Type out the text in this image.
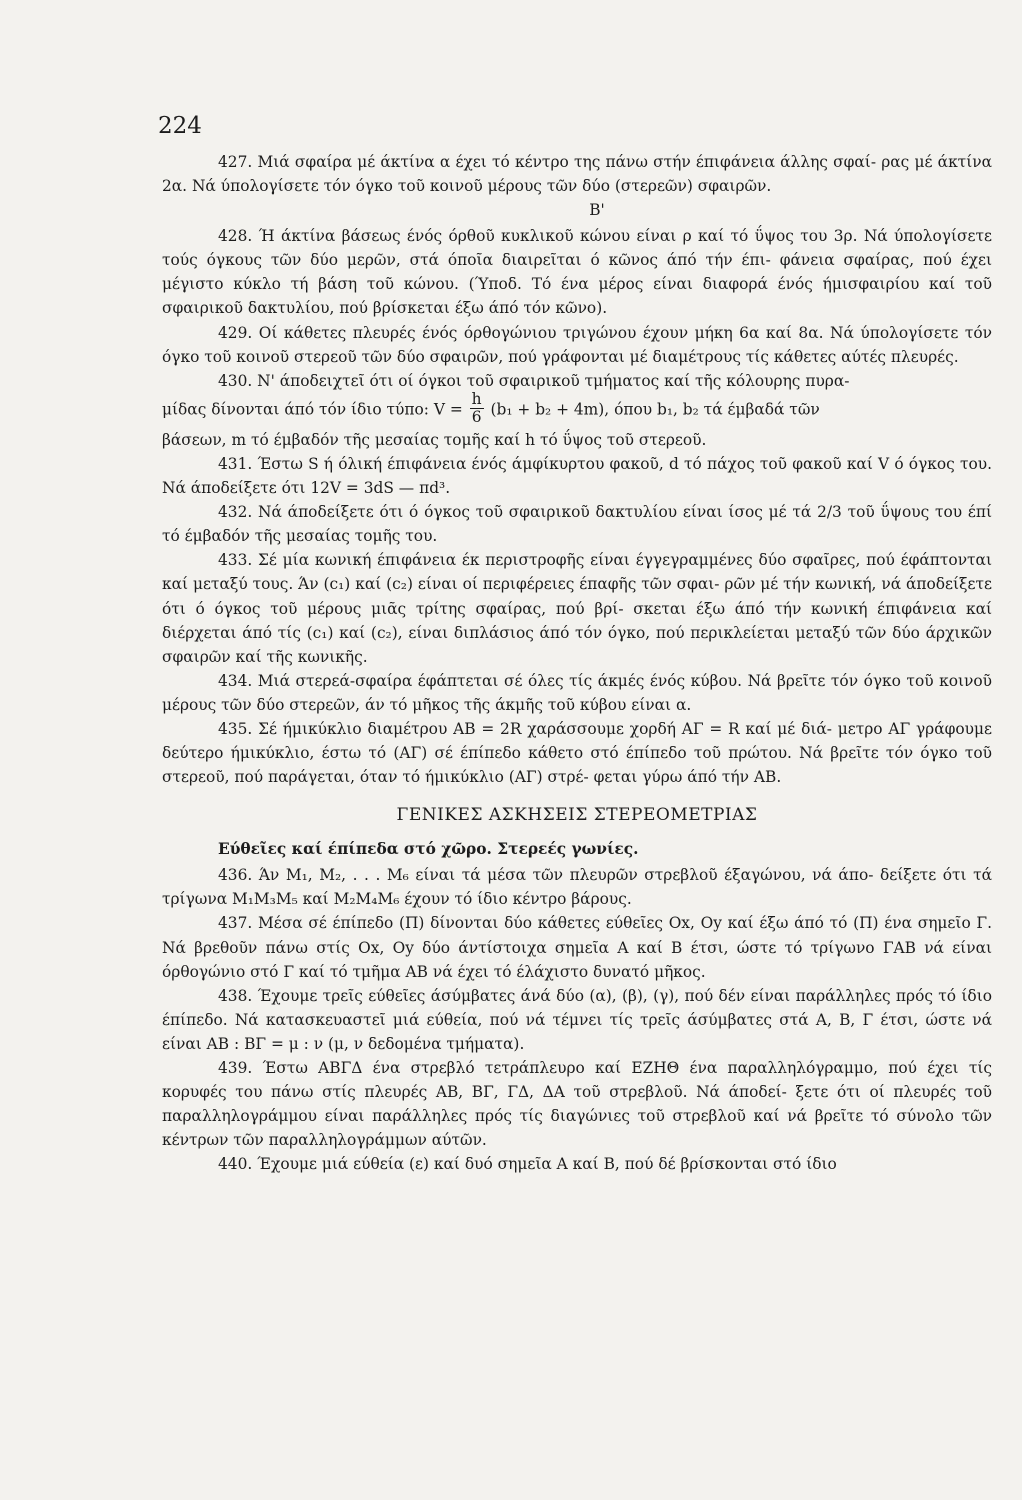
224

427. Μιά σφαίρα μέ άκτίνα α έχει τό κέντρο της πάνω στήν έπιφάνεια άλλης σφαί- ρας μέ άκτίνα 2α. Νά ύπολογίσετε τόν όγκο τοῦ κοινοῦ μέρους τῶν δύο (στερεῶν) σφαιρῶν.

B'

428. Ή άκτίνα βάσεως ένός όρθοῦ κυκλικοῦ κώνου είναι ρ καί τό ΰψος του 3ρ. Νά ύπολογίσετε τούς όγκους τῶν δύο μερῶν, στά όποῖα διαιρεῖται ό κῶνος άπό τήν έπι- φάνεια σφαίρας, πού έχει μέγιστο κύκλο τή βάση τοῦ κώνου. (Ύποδ. Τό ένα μέρος είναι διαφορά ένός ήμισφαιρίου καί τοῦ σφαιρικοῦ δακτυλίου, πού βρίσκεται έξω άπό τόν κῶνο).

429. Οί κάθετες πλευρές ένός όρθογώνιου τριγώνου έχουν μήκη 6α καί 8α. Νά ύπολογίσετε τόν όγκο τοῦ κοινοῦ στερεοῦ τῶν δύο σφαιρῶν, πού γράφονται μέ διαμέτρους τίς κάθετες αύτές πλευρές.

430. Ν' άποδειχτεῖ ότι οί όγκοι τοῦ σφαιρικοῦ τμήματος καί τῆς κόλουρης πυρα-

μίδας δίνονται άπό τόν ίδιο τύπο: $V = \frac{h}{6} (b_1 + b_2 + 4m)$, όπου b₁, b₂ τά έμβαδά τῶν

βάσεων, m τό έμβαδόν τῆς μεσαίας τομῆς καί h τό ΰψος τοῦ στερεοῦ.

431. Έστω S ή όλική έπιφάνεια ένός άμφίκυρτου φακοῦ, d τό πάχος τοῦ φακοῦ καί V ό όγκος του. Νά άποδείξετε ότι 12V = 3dS — πd³.

432. Νά άποδείξετε ότι ό όγκος τοῦ σφαιρικοῦ δακτυλίου είναι ίσος μέ τά 2/3 τοῦ ΰψους του έπί τό έμβαδόν τῆς μεσαίας τομῆς του.

433. Σέ μία κωνική έπιφάνεια έκ περιστροφῆς είναι έγγεγραμμένες δύο σφαῖρες, πού έφάπτονται καί μεταξύ τους. Άν (c₁) καί (c₂) είναι οί περιφέρειες έπαφῆς τῶν σφαι- ρῶν μέ τήν κωνική, νά άποδείξετε ότι ό όγκος τοῦ μέρους μιᾶς τρίτης σφαίρας, πού βρί- σκεται έξω άπό τήν κωνική έπιφάνεια καί διέρχεται άπό τίς (c₁) καί (c₂), είναι διπλάσιος άπό τόν όγκο, πού περικλείεται μεταξύ τῶν δύο άρχικῶν σφαιρῶν καί τῆς κωνικῆς.

434. Μιά στερεά-σφαίρα έφάπτεται σέ όλες τίς άκμές ένός κύβου. Νά βρεῖτε τόν όγκο τοῦ κοινοῦ μέρους τῶν δύο στερεῶν, άν τό μῆκος τῆς άκμῆς τοῦ κύβου είναι α.

435. Σέ ήμικύκλιο διαμέτρου ΑΒ = 2R χαράσσουμε χορδή ΑΓ = R καί μέ διά- μετρο ΑΓ γράφουμε δεύτερο ήμικύκλιο, έστω τό (ΑΓ) σέ έπίπεδο κάθετο στό έπίπεδο τοῦ πρώτου. Νά βρεῖτε τόν όγκο τοῦ στερεοῦ, πού παράγεται, όταν τό ήμικύκλιο (ΑΓ) στρέ- φεται γύρω άπό τήν ΑΒ.

ΓΕΝΙΚΕΣ ΑΣΚΗΣΕΙΣ ΣΤΕΡΕΟΜΕΤΡΙΑΣ
Εύθεῖες καί έπίπεδα στό χῶρο. Στερεές γωνίες.

436. Άν Μ₁, Μ₂, . . . Μ₆ είναι τά μέσα τῶν πλευρῶν στρεβλοῦ έξαγώνου, νά άπο- δείξετε ότι τά τρίγωνα Μ₁Μ₃Μ₅ καί Μ₂Μ₄Μ₆ έχουν τό ίδιο κέντρο βάρους.

437. Μέσα σέ έπίπεδο (Π) δίνονται δύο κάθετες εύθεῖες Οx, Οy καί έξω άπό τό (Π) ένα σημεῖο Γ. Νά βρεθοῦν πάνω στίς Οx, Οy δύο άντίστοιχα σημεῖα Α καί Β έτσι, ώστε τό τρίγωνο ΓΑΒ νά είναι όρθογώνιο στό Γ καί τό τμῆμα ΑΒ νά έχει τό έλάχιστο δυνατό μῆκος.

438. Έχουμε τρεῖς εύθεῖες άσύμβατες άνά δύο (α), (β), (γ), πού δέν είναι παράλληλες πρός τό ίδιο έπίπεδο. Νά κατασκευαστεῖ μιά εύθεία, πού νά τέμνει τίς τρεῖς άσύμβατες στά Α, Β, Γ έτσι, ώστε νά είναι ΑΒ : ΒΓ = μ : ν (μ, ν δεδομένα τμήματα).

439. Έστω ΑΒΓΔ ένα στρεβλό τετράπλευρο καί ΕΖΗΘ ένα παραλληλόγραμμο, πού έχει τίς κορυφές του πάνω στίς πλευρές ΑΒ, ΒΓ, ΓΔ, ΔΑ τοῦ στρεβλοῦ. Νά άποδεί- ξετε ότι οί πλευρές τοῦ παραλληλογράμμου είναι παράλληλες πρός τίς διαγώνιες τοῦ στρεβλοῦ καί νά βρεῖτε τό σύνολο τῶν κέντρων τῶν παραλληλογράμμων αύτῶν.

440. Έχουμε μιά εύθεία (ε) καί δυό σημεῖα Α καί Β, πού δέ βρίσκονται στό ίδιο
